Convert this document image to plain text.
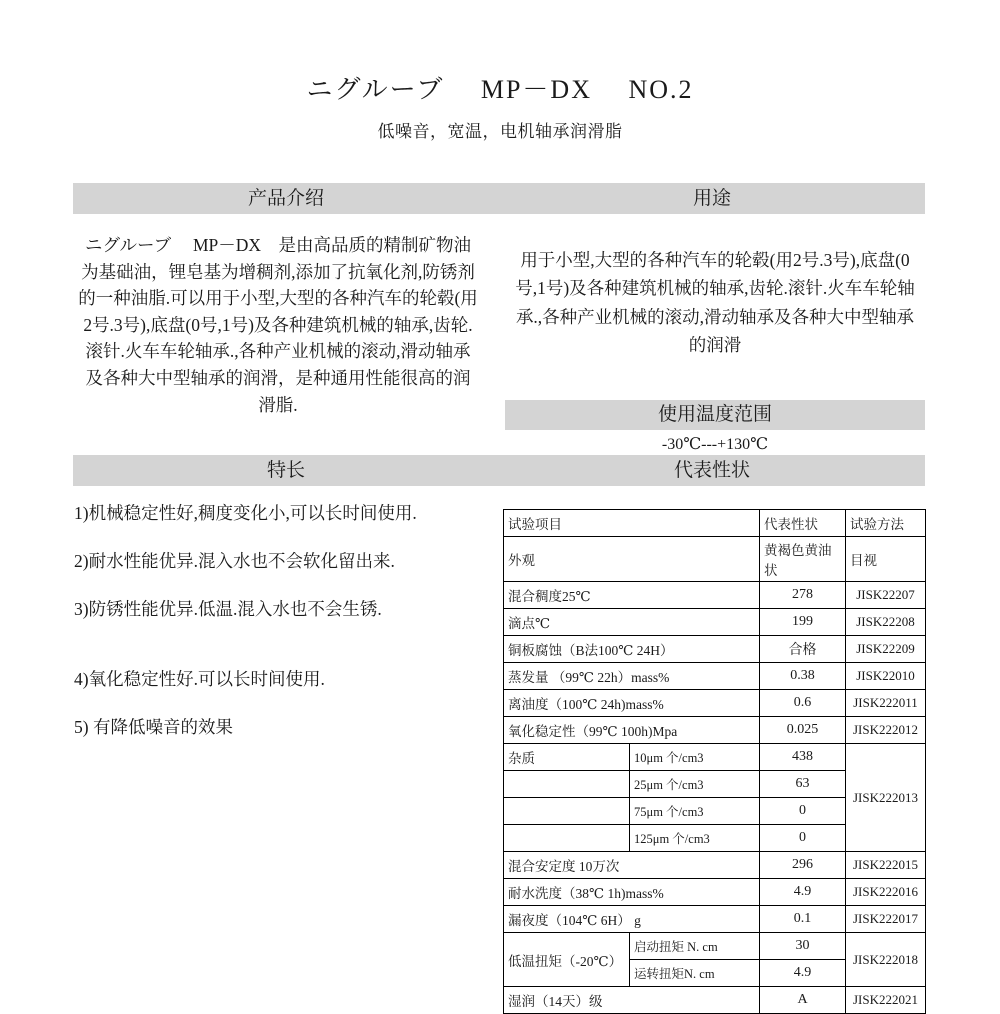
ニグルーブ　 MP－DX　 NO.2
低噪音，宽温，电机轴承润滑脂
产品介绍	用途
ニグルーブ　 MP－DX　是由高品质的精制矿物油为基础油，锂皂基为增稠剂,添加了抗氧化剂,防锈剂的一种油脂.可以用于小型,大型的各种汽车的轮毂(用2号.3号),底盘(0号,1号)及各种建筑机械的轴承,齿轮.滚针.火车车轮轴承.,各种产业机械的滚动,滑动轴承及各种大中型轴承的润滑，是种通用性能很高的润滑脂.
用于小型,大型的各种汽车的轮毂(用2号.3号),底盘(0号,1号)及各种建筑机械的轴承,齿轮.滚针.火车车轮轴承.,各种产业机械的滚动,滑动轴承及各种大中型轴承的润滑
使用温度范围
-30℃---+130℃
特长	代表性状
1)机械稳定性好,稠度变化小,可以长时间使用.
2)耐水性能优异.混入水也不会软化留出来.
3)防锈性能优异.低温.混入水也不会生锈.
4)氧化稳定性好.可以长时间使用.
5) 有降低噪音的效果
试验项目		代表性状	试验方法
外观		黄褐色黄油状	目视
混合稠度25℃		278	JISK22207
滴点℃		199	JISK22208
铜板腐蚀（B法100℃ 24H）		合格	JISK22209
蒸发量 （99℃ 22h）mass%		0.38	JISK22010
离油度（100℃ 24h)mass%		0.6	JISK222011
氧化稳定性（99℃ 100h)Mpa		0.025	JISK222012
杂质	10μm 个/cm3	438	JISK222013
	25μm 个/cm3	63	
	75μm 个/cm3	0	
	125μm 个/cm3	0	
混合安定度 10万次		296	JISK222015
耐水洗度（38℃ 1h)mass%		4.9	JISK222016
漏夜度（104℃ 6H） g		0.1	JISK222017
低温扭矩（-20℃）	启动扭矩 N. cm	30	JISK222018
	运转扭矩N. cm	4.9	
湿润（14天）级		A	JISK222021
